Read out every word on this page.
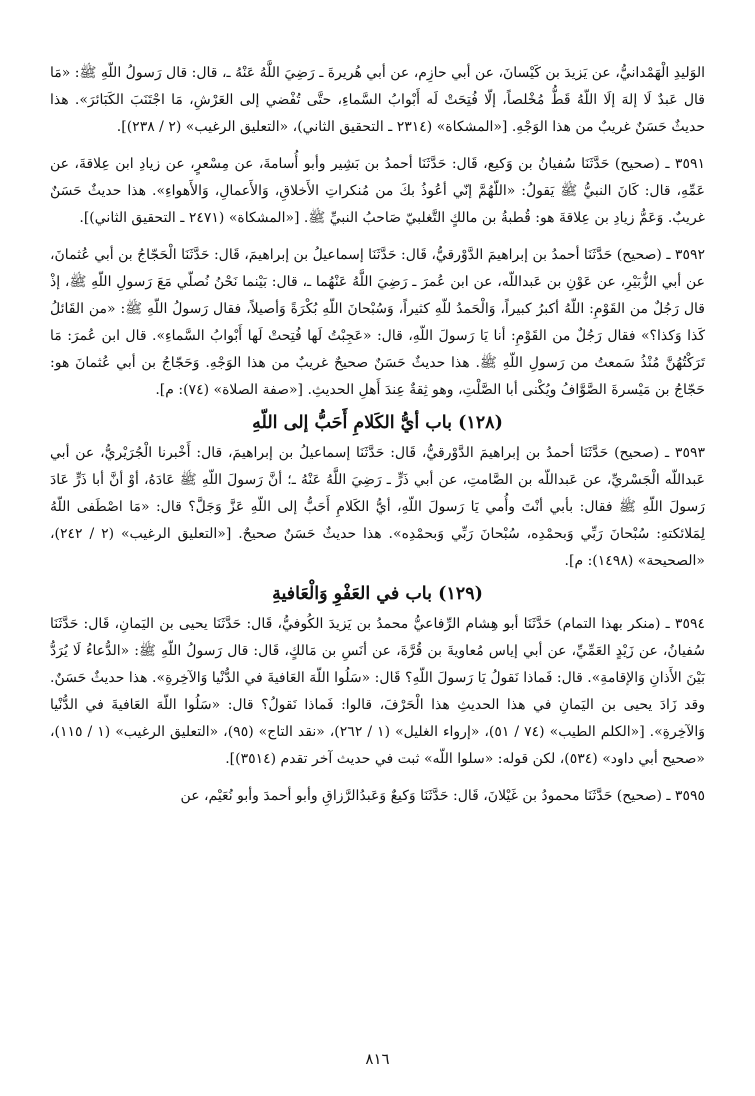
الوَليدِ الْهَمْدانيُّ، عن يَزيدَ بن كَيْسانَ، عن أبي حازِم، عن أبي هُريرةَ ـ رَضِيَ اللَّهُ عَنْهُ ـ، قال: قال رَسولُ اللّهِ ﷺ: «مَا قال عَبدٌ لَا إلهَ إلَا اللّهُ قَطُّ مُخْلصاً، إلّا فُتِحَتْ لَه أَبْوابُ السَّماءِ، حتَّى تُفْضي إلى العَرْشِ، مَا اجْتَنَبَ الكَبَائرَ». هذا حديثٌ حَسَنٌ غريبٌ من هذا الوَجْهِ. [«المشكاة» (٢٣١٤ ـ التحقيق الثاني)، «التعليق الرغيب» (٢ / ٢٣٨)].

٣٥٩١ ـ (صحيح) حَدَّثَنَا سُفيانُ بن وَكيع، قَال: حَدَّثَنَا أحمدُ بن بَشِير وأبو أُسامةَ، عن مِسْعرٍ، عن زيادِ ابن عِلاقةَ، عن عَمِّهِ، قال: كَانَ النبيُّ ﷺ يَقولُ: «اللّهُمَّ إنّي أعُوذُ بكَ من مُنكراتِ الأَخلاقِ، وَالأَعمالِ، وَالأَهواءِ». هذا حديثٌ حَسَنٌ غريبٌ. وَعَمُّ زيادِ بن عِلاقةَ هو: قُطبةُ بن مالكٍ التَّغلبيّ صَاحبُ النبيِّ ﷺ. [«المشكاة» (٢٤٧١ ـ التحقيق الثاني)].

٣٥٩٢ ـ (صحيح) حَدَّثَنَا أحمدُ بن إبراهيمَ الدَّوْرقيُّ، قَال: حَدَّثَنَا إسماعيلُ بن إبراهيمَ، قَال: حَدَّثَنَا الْحَجّاجُ بن أبي عُثمانَ، عن أبي الزُّبَيْرِ، عن عَوْنِ بن عَبداللّه، عن ابن عُمرَ ـ رَضِيَ اللَّهُ عَنْهُما ـ، قال: بَيْنما نَحْنُ نُصلّي مَعَ رَسولِ اللّهِ ﷺ، إذْ قال رَجُلٌ من القَوْمِ: اللّهُ أكبرُ كبيراً، وَالْحَمدُ للّهِ كثيراً، وَسُبْحانَ اللّهِ بُكْرَةً وَأصيلاً، فقال رَسولُ اللّهِ ﷺ: «من القَائلُ كَذا وَكذا؟» فقال رَجُلٌ من القَوْمِ: أنا يَا رَسولَ اللّهِ، قال: «عَجِبْتُ لَها فُتِحتْ لَها أَبْوابُ السَّماءِ». قال ابن عُمرَ: مَا تَرَكْتُهُنَّ مُنْذُ سَمعتُ من رَسولِ اللّهِ ﷺ. هذا حديثٌ حَسَنٌ صحيحٌ غريبٌ من هذا الوَجْهِ. وَحَجّاجُ بن أبي عُثمانَ هو: حَجّاجُ بن مَيْسرةَ الصَّوَّافُ ويُكْنى أبا الصَّلْتِ، وهو ثِقةٌ عِندَ أَهلِ الحديثِ. [«صفة الصلاة» (٧٤): م].

(١٢٨) باب أيُّ الكَلامِ أَحَبُّ إلى اللّهِ

٣٥٩٣ ـ (صحيح) حَدَّثَنَا أحمدُ بن إبراهيمَ الدَّوْرقيُّ، قَال: حَدَّثَنَا إسماعيلُ بن إبراهيمَ، قال: أَخْبرنا الْجُرَيْريُّ، عن أبي عَبداللّه الْجَسْريِّ، عن عَبداللّه بن الصَّامتِ، عن أبي ذَرٍّ ـ رَضِيَ اللَّهُ عَنْهُ ـ؛ أنَّ رَسولَ اللّهِ ﷺ عَادَهُ، أوْ أنَّ أبا ذَرٍّ عَادَ رَسولَ اللّهِ ﷺ فقال: بأبي أنْتَ وأُمي يَا رَسولَ اللّهِ، أيُّ الكَلامِ أَحَبُّ إلى اللّهِ عَزَّ وَجَلَّ؟ قال: «مَا اصْطَفى اللّهُ لِمَلائكتهِ: سُبْحانَ رَبِّي وَبحمْدِه، سُبْحانَ رَبِّي وَبحمْدِه». هذا حديثٌ حَسَنٌ صحيحٌ. [«التعليق الرغيب» (٢ / ٢٤٢)، «الصحيحة» (١٤٩٨): م].

(١٢٩) باب في العَفْوِ وَالْعَافيةِ

٣٥٩٤ ـ (منكر بهذا التمام) حَدَّثَنَا أبو هِشام الرِّفاعيُّ محمدُ بن يَزيدَ الكُوفيُّ، قَال: حَدَّثَنَا يحيى بن اليَمانِ، قَال: حَدَّثَنَا سُفيانُ، عن زَيْدٍ العَمِّيِّ، عن أبي إياس مُعاويةَ بن قُرَّةَ، عن أنَسِ بن مَالكٍ، قَال: قال رَسولُ اللّهِ ﷺ: «الدُّعاءُ لَا يُرَدُّ بَيْنَ الأَذانِ وَالإقامةِ». قال: فَماذا نَقولُ يَا رَسولَ اللّهِ؟ قَال: «سَلُوا اللّهَ العَافيةَ في الدُّنْيا وَالآخِرةِ». هذا حديثٌ حَسَنٌ. وقد زَادَ يحيى بن اليَمانِ في هذا الحديثِ هذا الْحَرْفَ، قالوا: فَماذا نَقولُ؟ قال: «سَلُوا اللّهَ العَافيةَ في الدُّنْيا وَالآخِرةِ». [«الكلم الطيب» (٧٤ / ٥١)، «إرواء الغليل» (١ / ٢٦٢)، «نقد التاج» (٩٥)، «التعليق الرغيب» (١ / ١١٥)، «صحيح أبي داود» (٥٣٤)، لكن قوله: «سلوا اللّه» ثبت في حديث آخر تقدم (٣٥١٤)].

٣٥٩٥ ـ (صحيح) حَدَّثَنَا محمودُ بن غَيْلانَ، قَال: حَدَّثَنَا وَكيعٌ وَعَبدُالرَّزاقِ وأبو أحمدَ وأبو نُعَيْم، عن

٨١٦
